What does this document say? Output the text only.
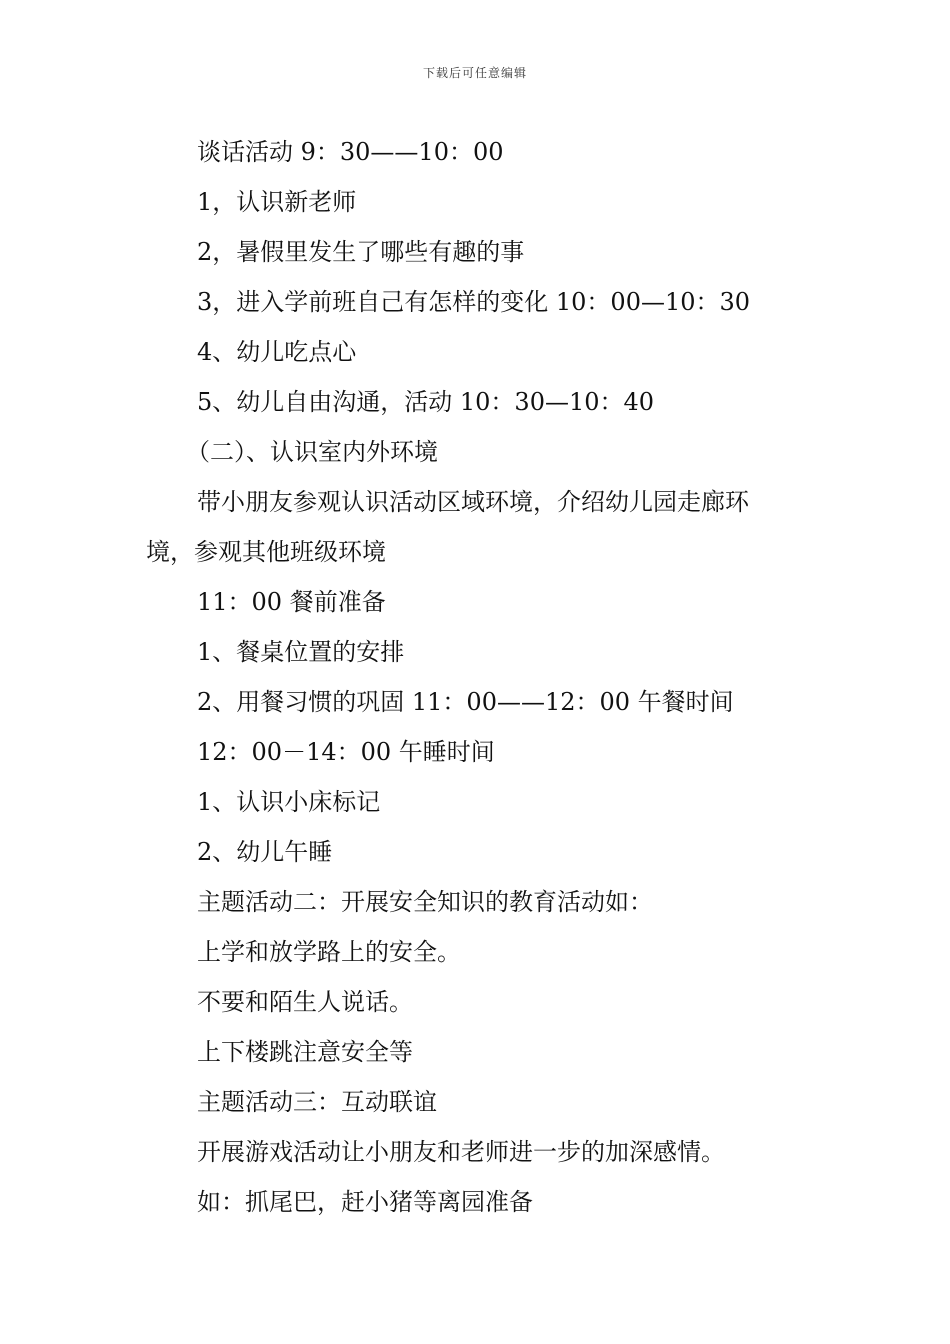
下载后可任意编辑
谈话活动 9：30——10：00
1，认识新老师
2，暑假里发生了哪些有趣的事
3，进入学前班自己有怎样的变化 10：00—10：30
4、幼儿吃点心
5、幼儿自由沟通，活动 10：30—10：40
（二）、认识室内外环境
带小朋友参观认识活动区域环境，介绍幼儿园走廊环
境，参观其他班级环境
11：00 餐前准备
1、餐桌位置的安排
2、用餐习惯的巩固 11：00——12：00 午餐时间
12：00－14：00 午睡时间
1、认识小床标记
2、幼儿午睡
主题活动二：开展安全知识的教育活动如：
上学和放学路上的安全。
不要和陌生人说话。
上下楼跳注意安全等
主题活动三：互动联谊
开展游戏活动让小朋友和老师进一步的加深感情。
如：抓尾巴，赶小猪等离园准备
